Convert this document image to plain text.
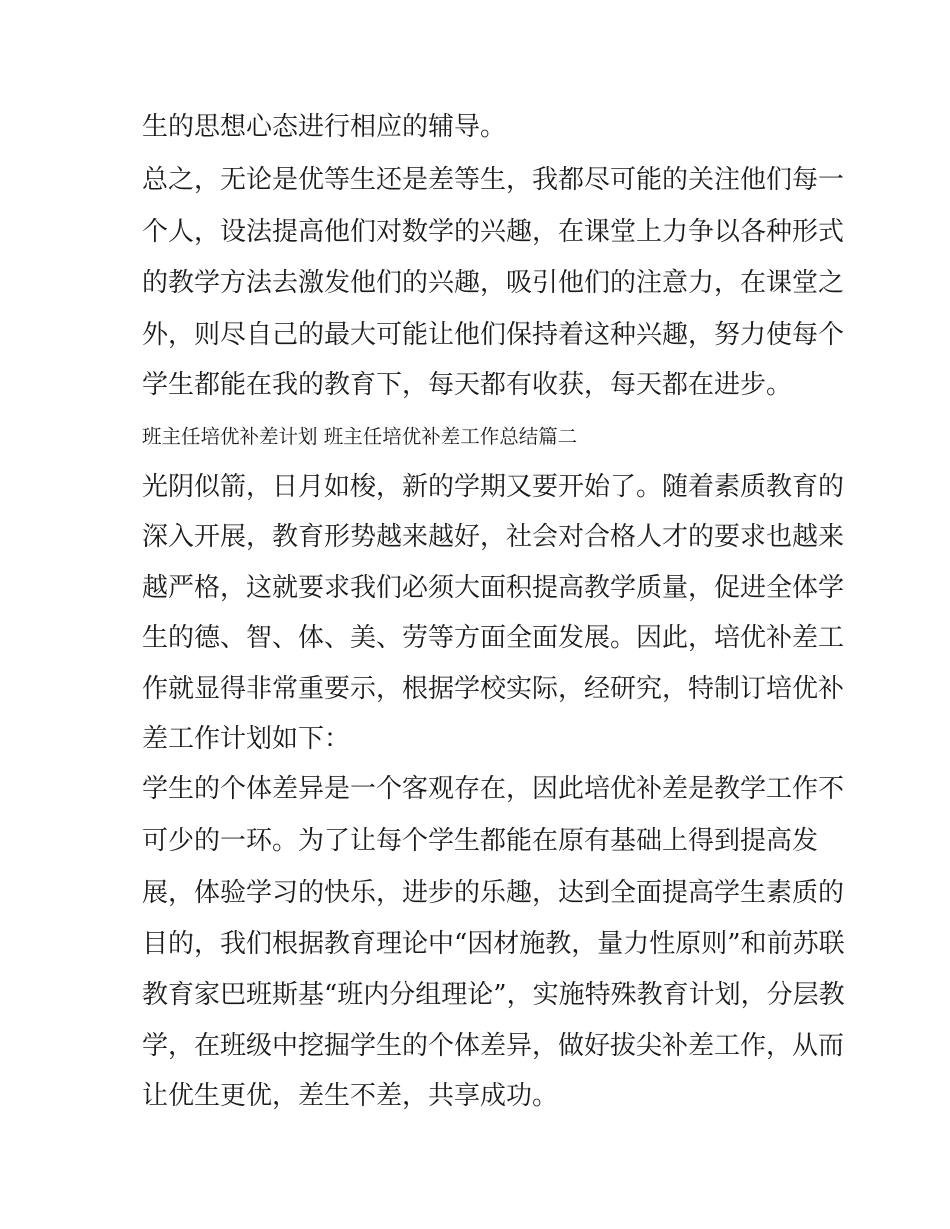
生的思想心态进行相应的辅导。
总之，无论是优等生还是差等生，我都尽可能的关注他们每一
个人，设法提高他们对数学的兴趣，在课堂上力争以各种形式
的教学方法去激发他们的兴趣，吸引他们的注意力，在课堂之
外，则尽自己的最大可能让他们保持着这种兴趣，努力使每个
学生都能在我的教育下，每天都有收获，每天都在进步。
班主任培优补差计划 班主任培优补差工作总结篇二
光阴似箭，日月如梭，新的学期又要开始了。随着素质教育的
深入开展，教育形势越来越好，社会对合格人才的要求也越来
越严格，这就要求我们必须大面积提高教学质量，促进全体学
生的德、智、体、美、劳等方面全面发展。因此，培优补差工
作就显得非常重要示，根据学校实际，经研究，特制订培优补
差工作计划如下：
学生的个体差异是一个客观存在，因此培优补差是教学工作不
可少的一环。为了让每个学生都能在原有基础上得到提高发
展，体验学习的快乐，进步的乐趣，达到全面提高学生素质的
目的，我们根据教育理论中“因材施教，量力性原则”和前苏联
教育家巴班斯基“班内分组理论”，实施特殊教育计划，分层教
学，在班级中挖掘学生的个体差异，做好拔尖补差工作，从而
让优生更优，差生不差，共享成功。
